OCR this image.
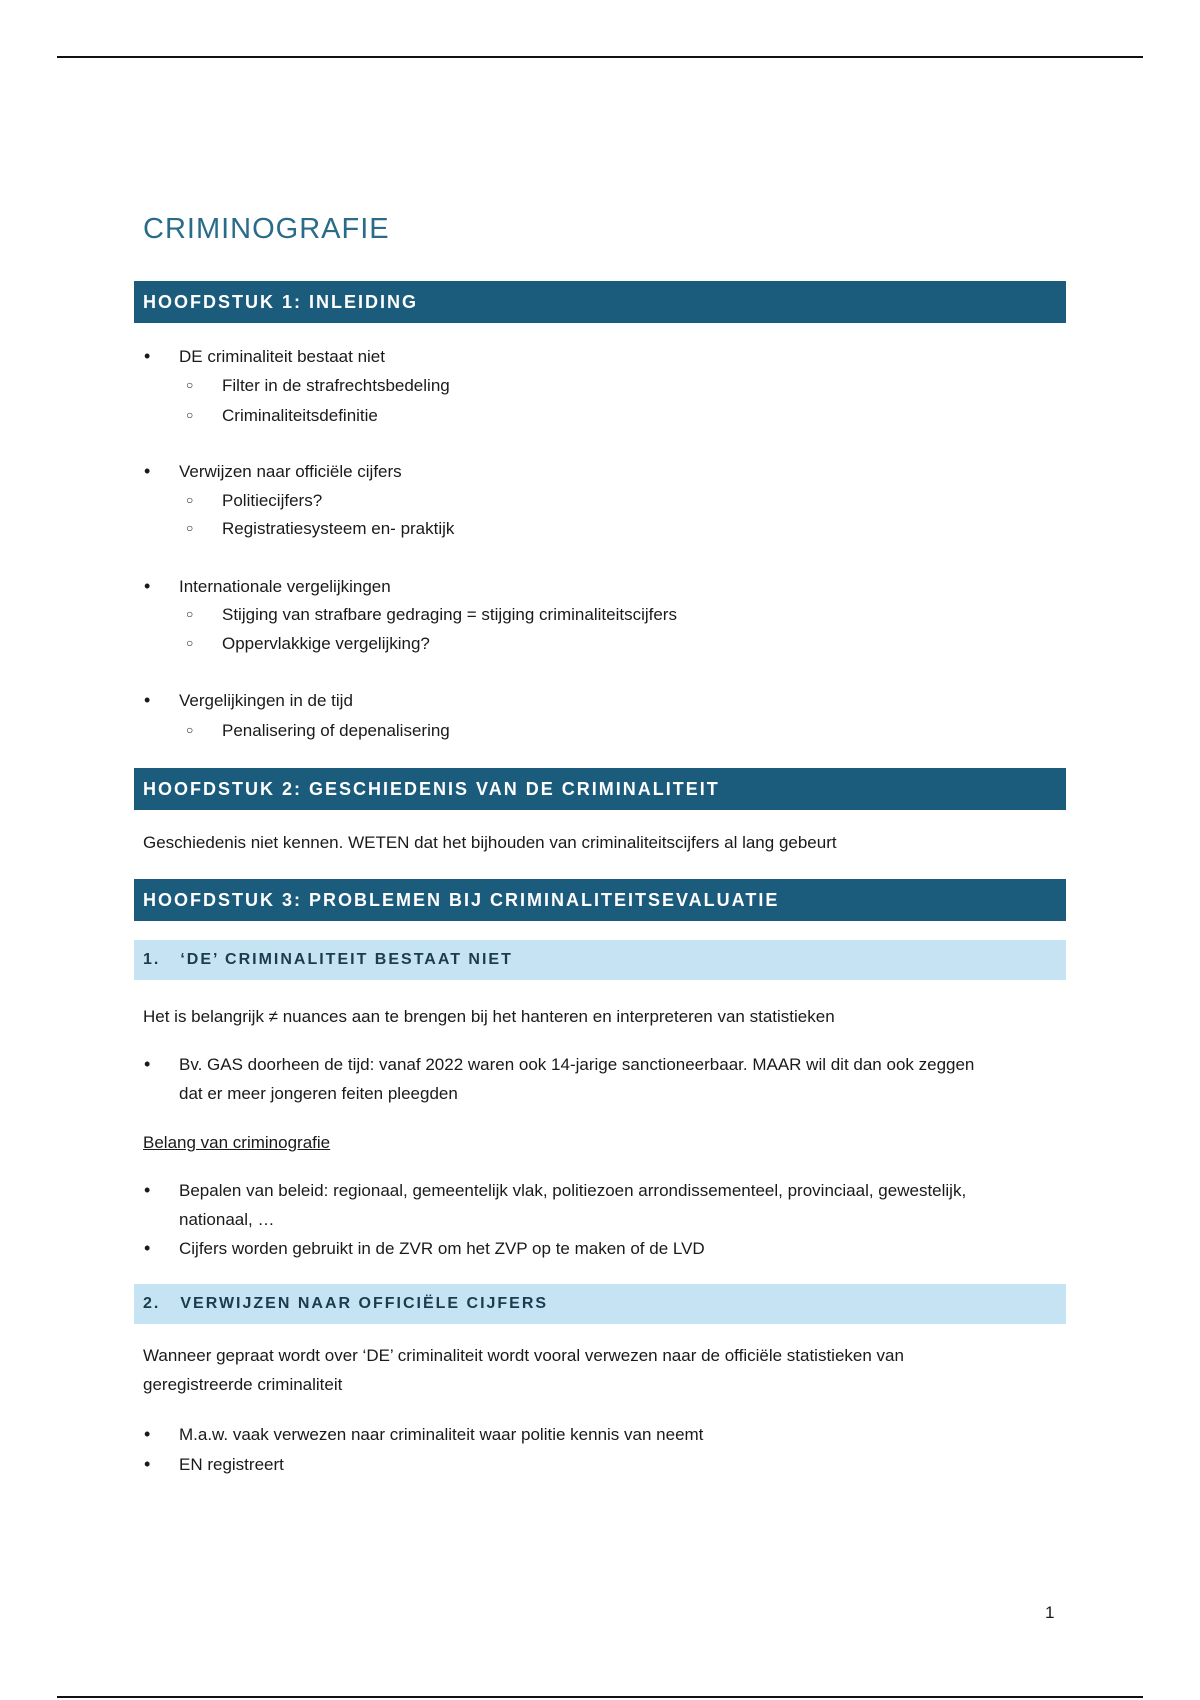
CRIMINOGRAFIE
HOOFDSTUK 1: INLEIDING
• DE criminaliteit bestaat niet
○ Filter in de strafrechtsbedeling
○ Criminaliteitsdefinitie
• Verwijzen naar officiële cijfers
○ Politiecijfers?
○ Registratiesysteem en- praktijk
• Internationale vergelijkingen
○ Stijging van strafbare gedraging = stijging criminaliteitscijfers
○ Oppervlakkige vergelijking?
• Vergelijkingen in de tijd
○ Penalisering of depenalisering
HOOFDSTUK 2: GESCHIEDENIS VAN DE CRIMINALITEIT
Geschiedenis niet kennen. WETEN dat het bijhouden van criminaliteitscijfers al lang gebeurt
HOOFDSTUK 3: PROBLEMEN BIJ CRIMINALITEITSEVALUATIE
1. ‘DE’ CRIMINALITEIT BESTAAT NIET
Het is belangrijk ≠ nuances aan te brengen bij het hanteren en interpreteren van statistieken
• Bv. GAS doorheen de tijd: vanaf 2022 waren ook 14-jarige sanctioneerbaar. MAAR wil dit dan ook zeggen
dat er meer jongeren feiten pleegden
Belang van criminografie
• Bepalen van beleid: regionaal, gemeentelijk vlak, politiezoen arrondissementeel, provinciaal, gewestelijk,
nationaal, …
• Cijfers worden gebruikt in de ZVR om het ZVP op te maken of de LVD
2. VERWIJZEN NAAR OFFICIËLE CIJFERS
Wanneer gepraat wordt over ‘DE’ criminaliteit wordt vooral verwezen naar de officiële statistieken van
geregistreerde criminaliteit
• M.a.w. vaak verwezen naar criminaliteit waar politie kennis van neemt
• EN registreert
1
